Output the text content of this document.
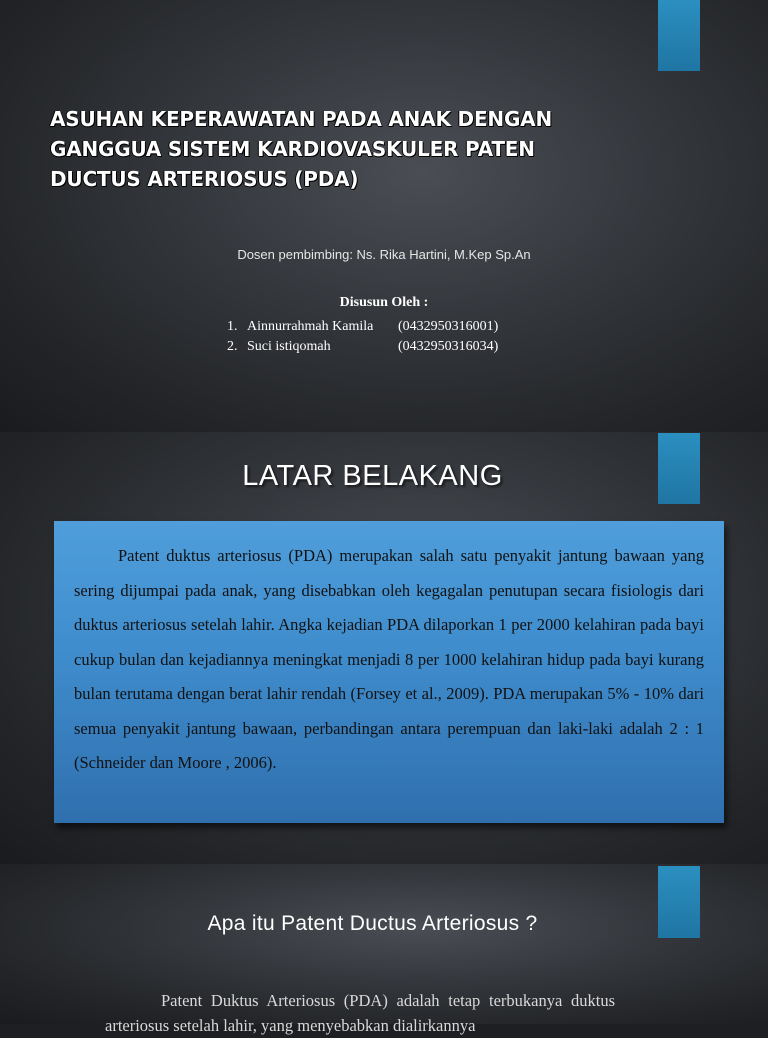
ASUHAN KEPERAWATAN PADA ANAK DENGAN
GANGGUA SISTEM KARDIOVASKULER PATEN
DUCTUS ARTERIOSUS (PDA)
Dosen pembimbing: Ns. Rika Hartini, M.Kep Sp.An
Disusun Oleh :
1. Ainnurrahmah Kamila (0432950316001)
2. Suci istiqomah	(0432950316034)
LATAR BELAKANG

Patent duktus arteriosus (PDA) merupakan salah satu penyakit jantung bawaan yang sering dijumpai pada anak, yang disebabkan oleh kegagalan penutupan secara fisiologis dari duktus arteriosus setelah lahir. Angka kejadian PDA dilaporkan 1 per 2000 kelahiran pada bayi cukup bulan dan kejadiannya meningkat menjadi 8 per 1000 kelahiran hidup pada bayi kurang bulan terutama dengan berat lahir rendah (Forsey et al., 2009). PDA merupakan 5% - 10% dari semua penyakit jantung bawaan, perbandingan antara perempuan dan laki-laki adalah 2 : 1 (Schneider dan Moore , 2006).

Apa itu Patent Ductus Arteriosus ?

Patent Duktus Arteriosus (PDA) adalah tetap terbukanya duktus arteriosus setelah lahir, yang menyebabkan dialirkannya
